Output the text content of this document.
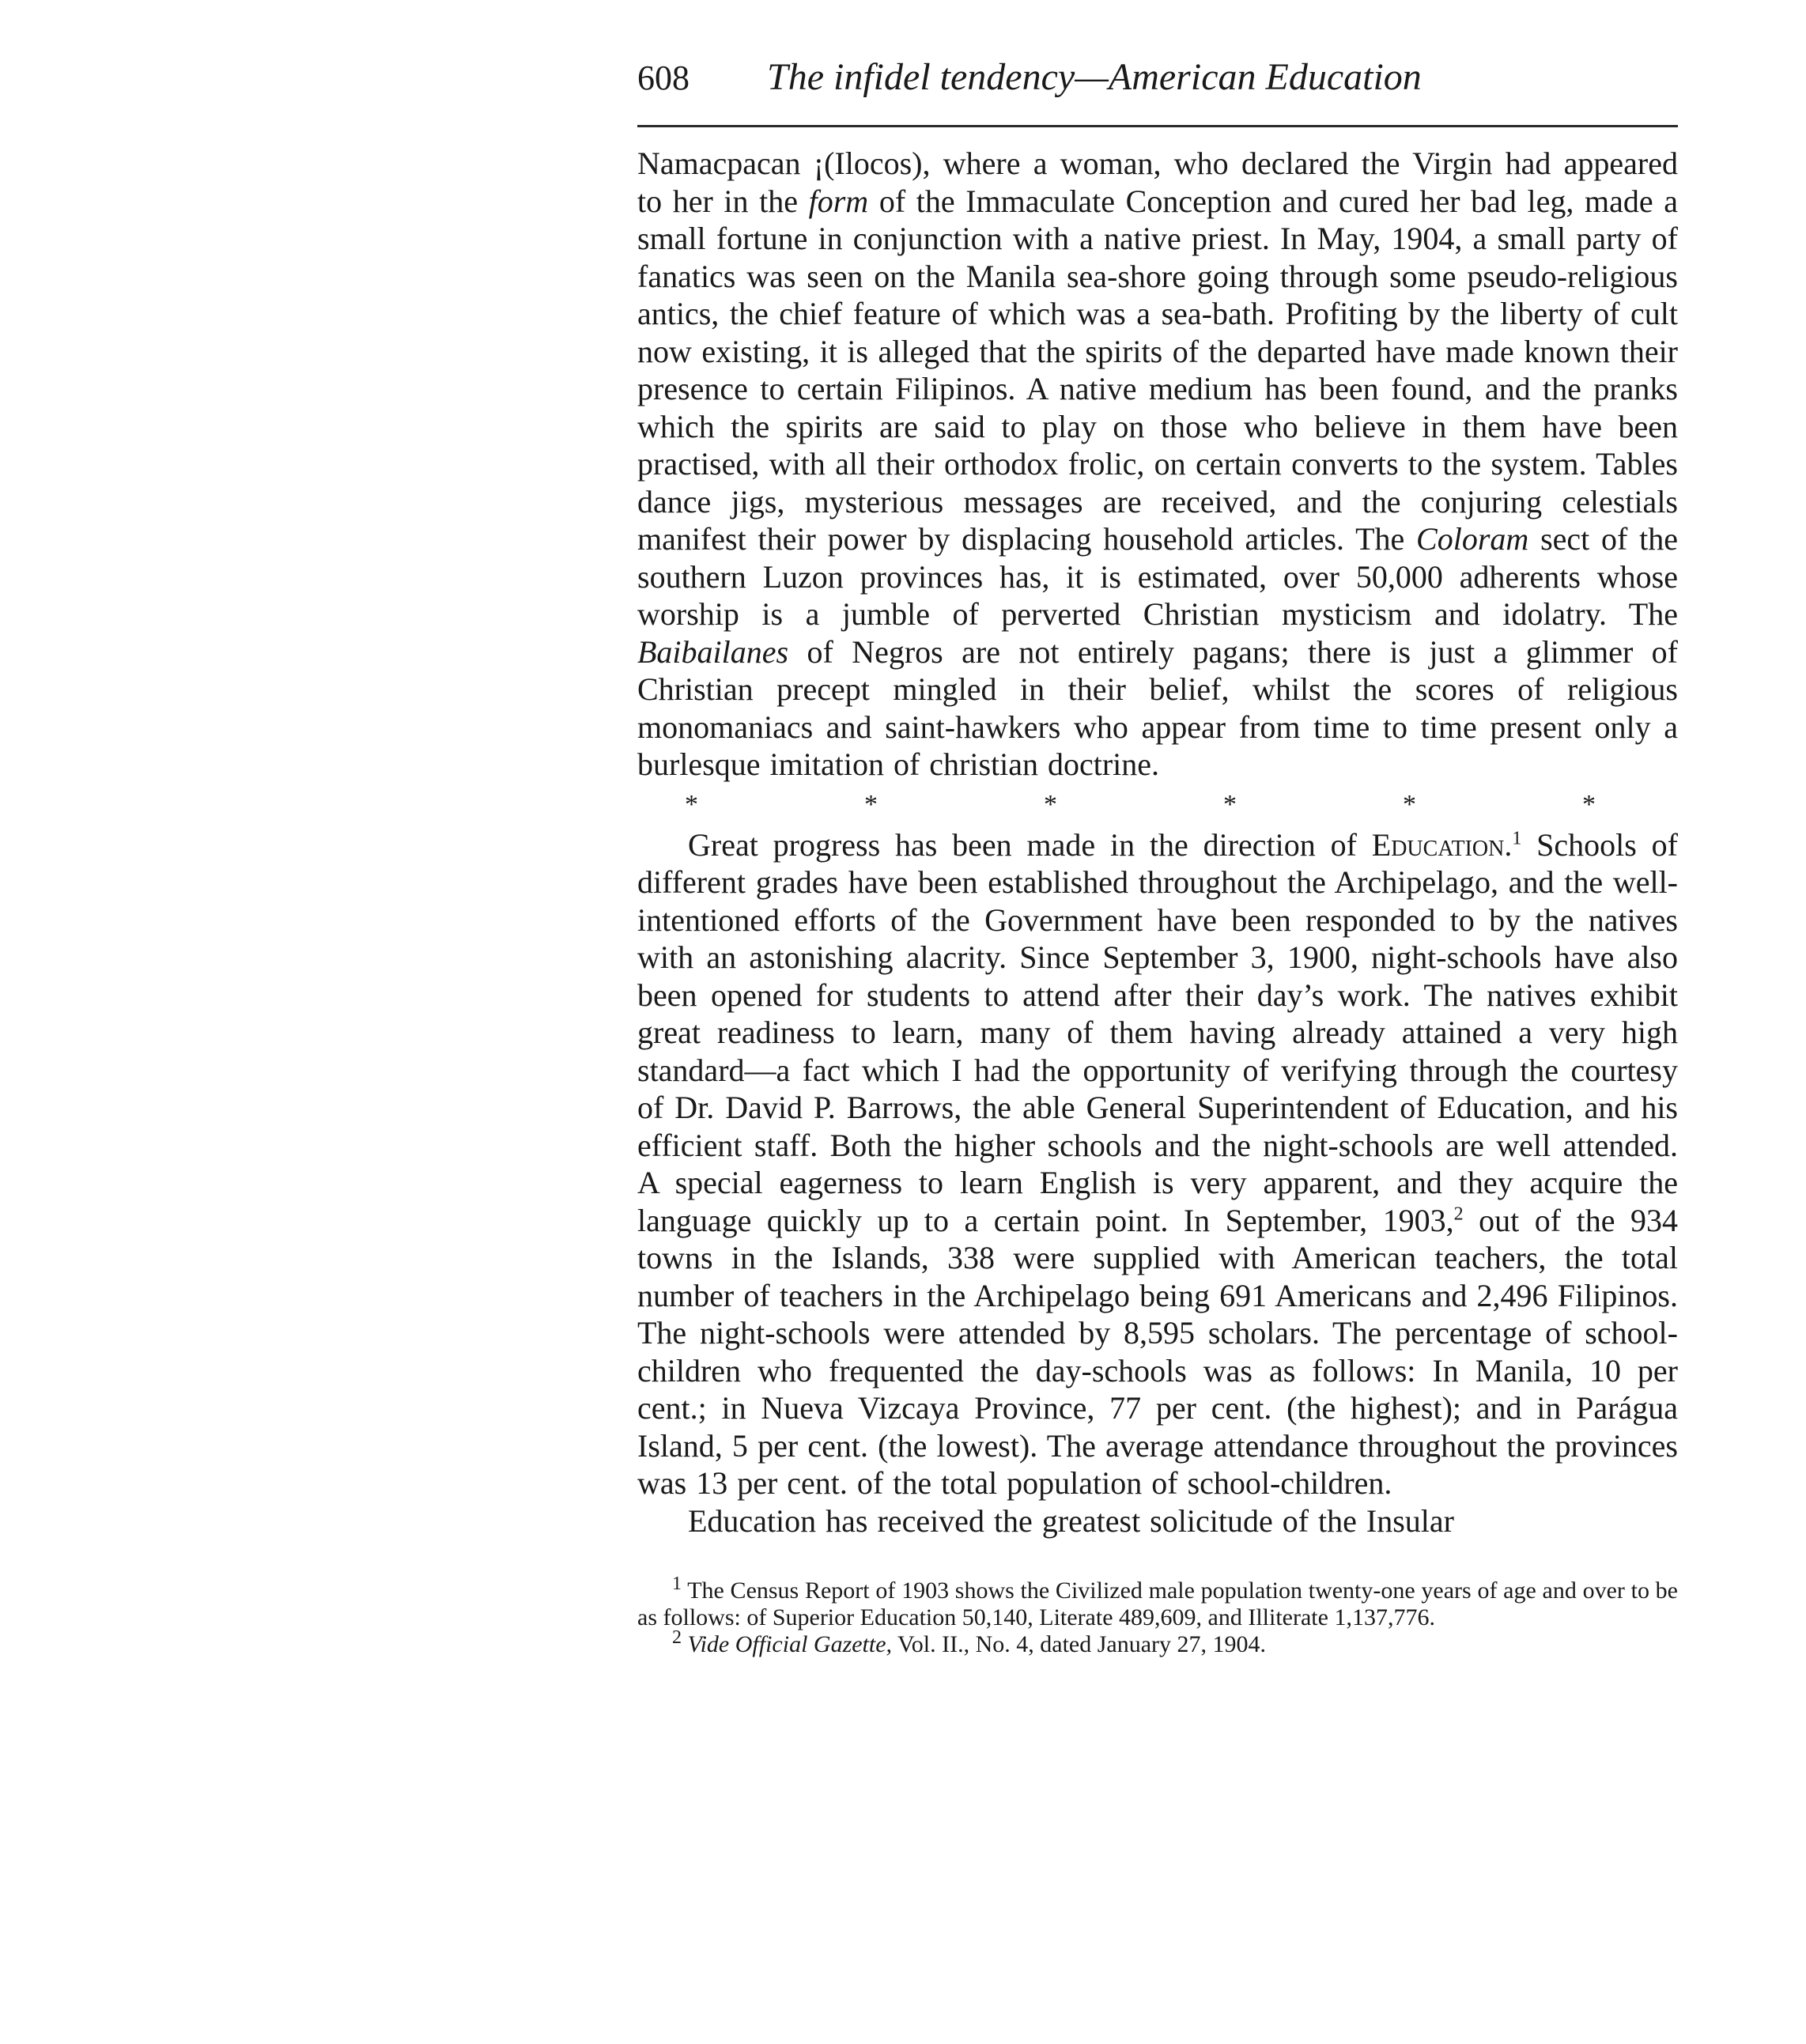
608	The infidel tendency—American Education

Namacpacan ¡(Ilocos), where a woman, who declared the Virgin had appeared to her in the form of the Immaculate Conception and cured her bad leg, made a small fortune in conjunction with a native priest. In May, 1904, a small party of fanatics was seen on the Manila sea-shore going through some pseudo-religious antics, the chief feature of which was a sea-bath. Profiting by the liberty of cult now existing, it is alleged that the spirits of the departed have made known their presence to certain Filipinos. A native medium has been found, and the pranks which the spirits are said to play on those who believe in them have been practised, with all their orthodox frolic, on certain converts to the system. Tables dance jigs, mysterious messages are received, and the conjuring celestials manifest their power by displacing household articles. The Coloram sect of the southern Luzon provinces has, it is estimated, over 50,000 adherents whose worship is a jumble of perverted Christian mysticism and idolatry. The Baibailanes of Negros are not entirely pagans; there is just a glimmer of Christian precept mingled in their belief, whilst the scores of religious monomaniacs and saint-hawkers who appear from time to time present only a burlesque imitation of christian doctrine.

*	*	*	*	*	*

Great progress has been made in the direction of Education.$^1$ Schools of different grades have been established throughout the Archipelago, and the well-intentioned efforts of the Government have been responded to by the natives with an astonishing alacrity. Since September 3, 1900, night-schools have also been opened for students to attend after their day’s work. The natives exhibit great readiness to learn, many of them having already attained a very high standard—a fact which I had the opportunity of verifying through the courtesy of Dr. David P. Barrows, the able General Superintendent of Education, and his efficient staff. Both the higher schools and the night-schools are well attended. A special eagerness to learn English is very apparent, and they acquire the language quickly up to a certain point. In September, 1903,$^2$ out of the 934 towns in the Islands, 338 were supplied with American teachers, the total number of teachers in the Archipelago being 691 Americans and 2,496 Filipinos. The night-schools were attended by 8,595 scholars. The percentage of school-children who frequented the day-schools was as follows: In Manila, 10 per cent.; in Nueva Vizcaya Province, 77 per cent. (the highest); and in Parágua Island, 5 per cent. (the lowest). The average attendance throughout the provinces was 13 per cent. of the total population of school-children.

Education has received the greatest solicitude of the Insular

$^1$ The Census Report of 1903 shows the Civilized male population twenty-one years of age and over to be as follows: of Superior Education 50,140, Literate 489,609, and Illiterate 1,137,776.

$^2$ Vide Official Gazette, Vol. II., No. 4, dated January 27, 1904.
